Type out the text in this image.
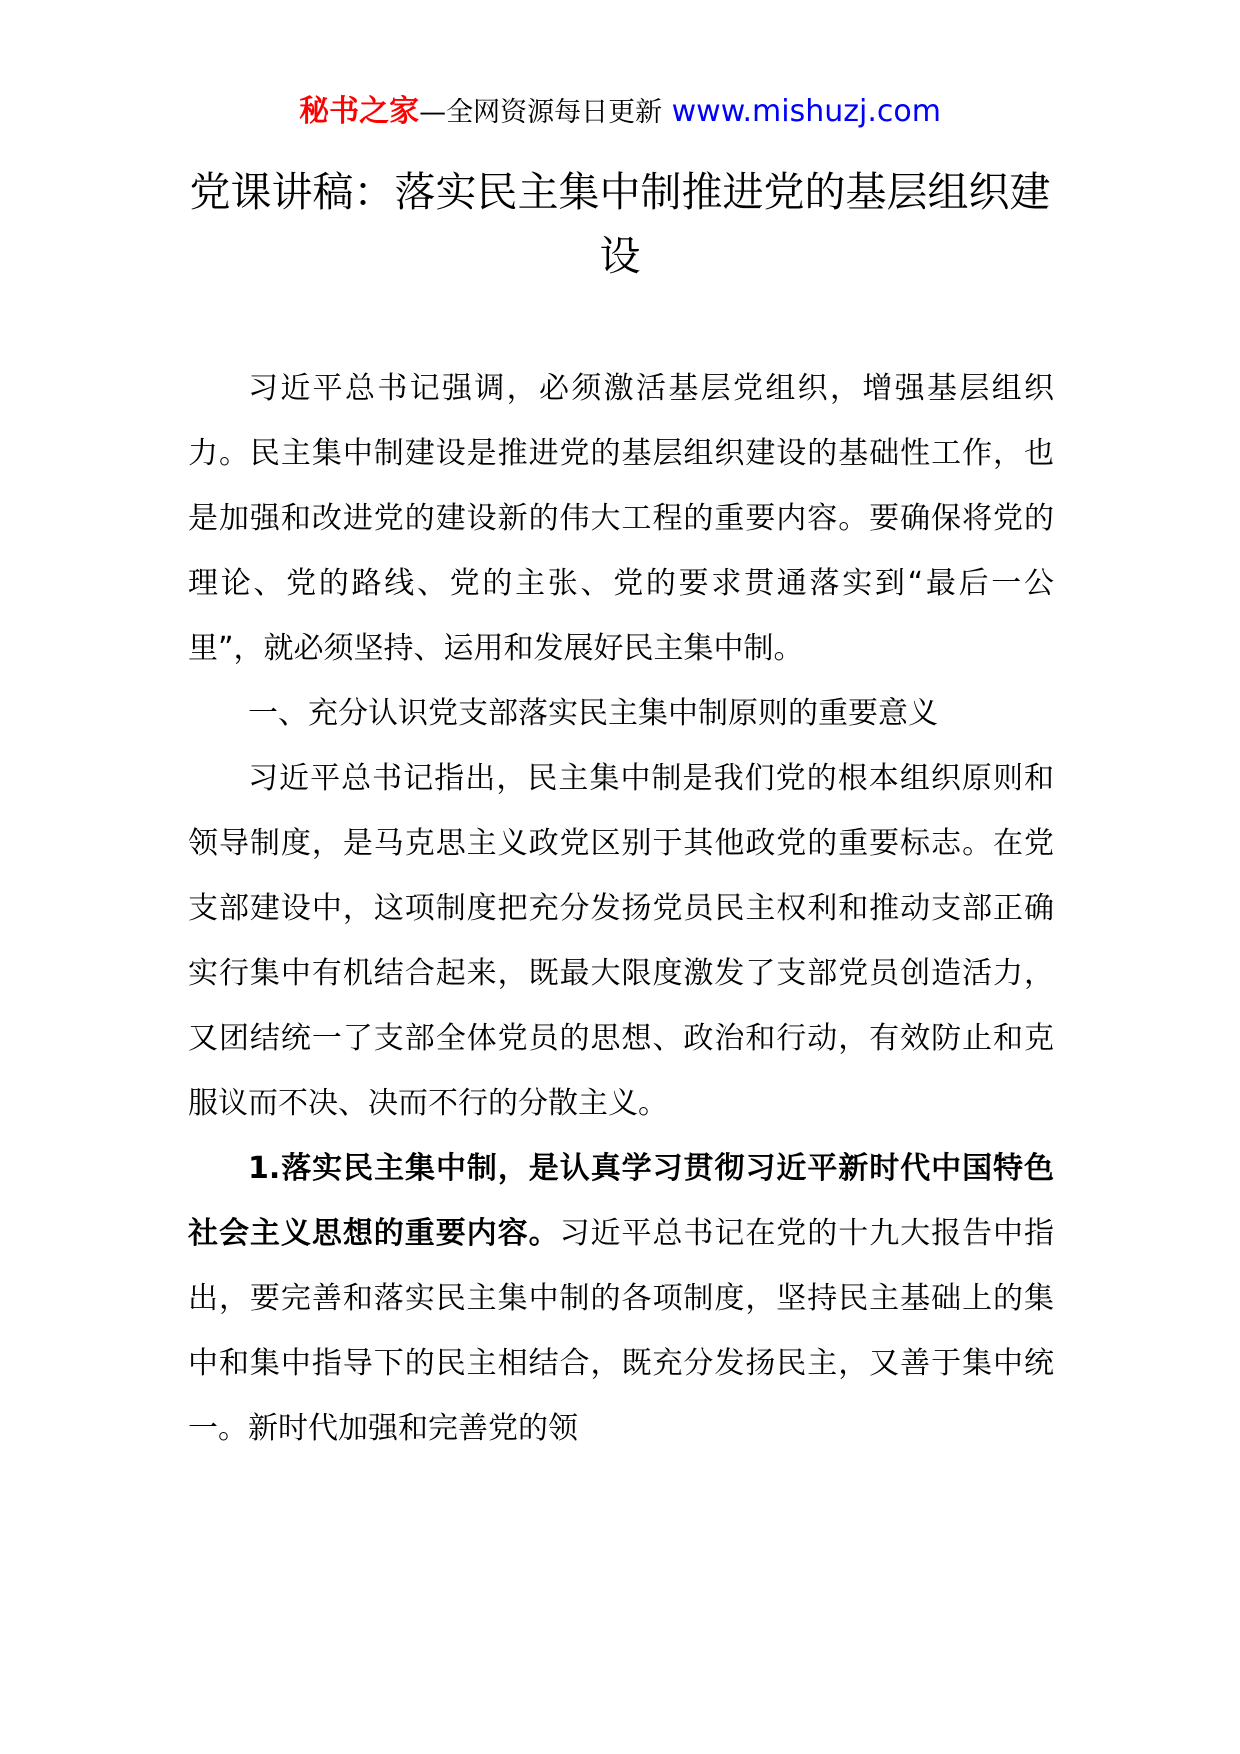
秘书之家—全网资源每日更新 www.mishuzj.com
党课讲稿：落实民主集中制推进党的基层组织建设

习近平总书记强调，必须激活基层党组织，增强基层组织力。民主集中制建设是推进党的基层组织建设的基础性工作，也是加强和改进党的建设新的伟大工程的重要内容。要确保将党的理论、党的路线、党的主张、党的要求贯通落实到“最后一公里”，就必须坚持、运用和发展好民主集中制。

一、充分认识党支部落实民主集中制原则的重要意义

习近平总书记指出，民主集中制是我们党的根本组织原则和领导制度，是马克思主义政党区别于其他政党的重要标志。在党支部建设中，这项制度把充分发扬党员民主权利和推动支部正确实行集中有机结合起来，既最大限度激发了支部党员创造活力，又团结统一了支部全体党员的思想、政治和行动，有效防止和克服议而不决、决而不行的分散主义。

1.落实民主集中制，是认真学习贯彻习近平新时代中国特色社会主义思想的重要内容。习近平总书记在党的十九大报告中指出，要完善和落实民主集中制的各项制度，坚持民主基础上的集中和集中指导下的民主相结合，既充分发扬民主，又善于集中统一。新时代加强和完善党的领
